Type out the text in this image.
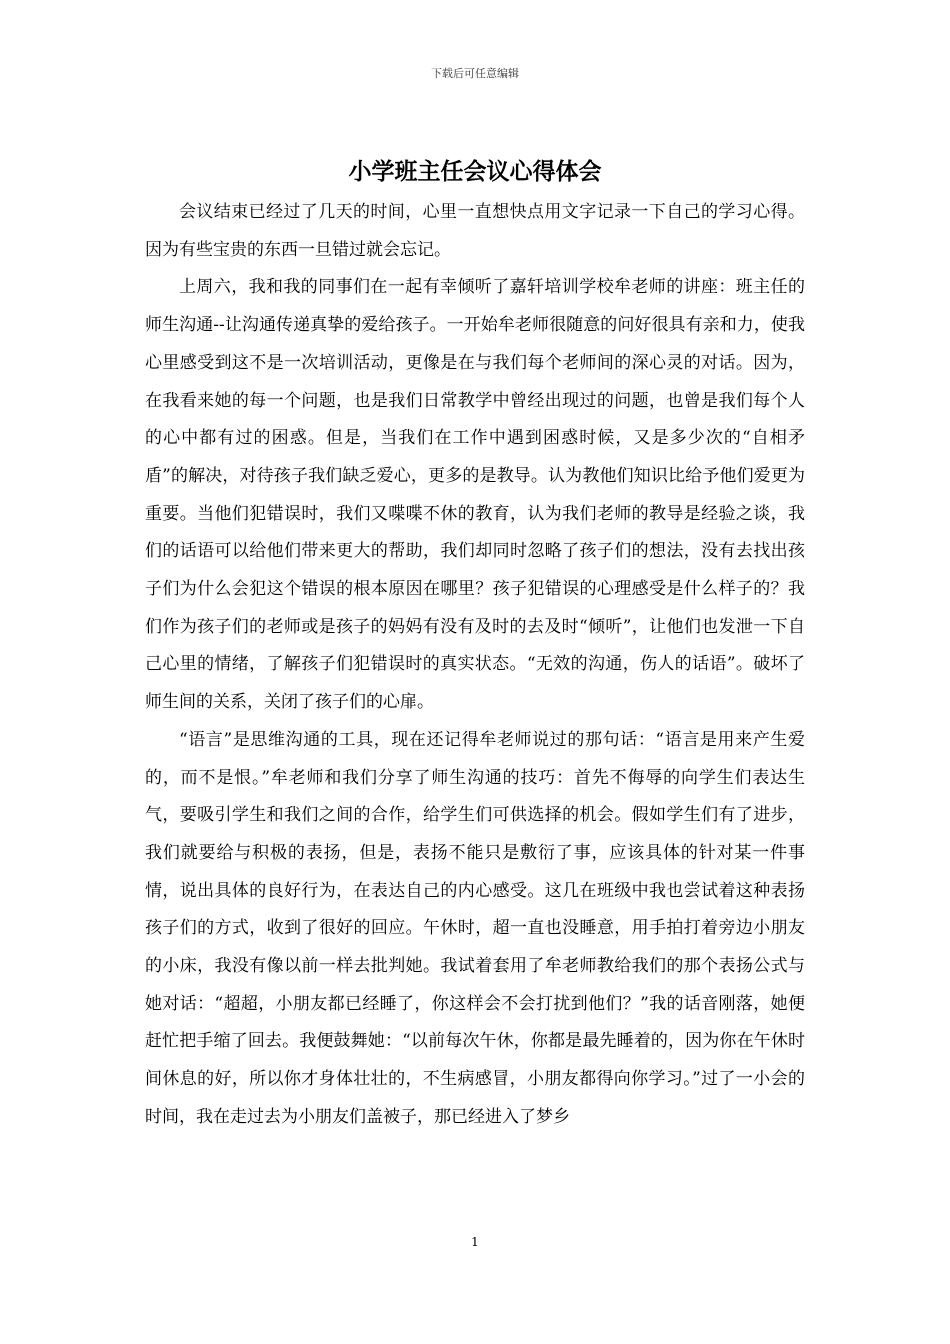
下载后可任意编辑
小学班主任会议心得体会

会议结束已经过了几天的时间，心里一直想快点用文字记录一下自己的学习心得。因为有些宝贵的东西一旦错过就会忘记。

上周六，我和我的同事们在一起有幸倾听了嘉轩培训学校牟老师的讲座：班主任的师生沟通--让沟通传递真挚的爱给孩子。一开始牟老师很随意的问好很具有亲和力，使我心里感受到这不是一次培训活动，更像是在与我们每个老师间的深心灵的对话。因为，在我看来她的每一个问题，也是我们日常教学中曾经出现过的问题，也曾是我们每个人的心中都有过的困惑。但是，当我们在工作中遇到困惑时候，又是多少次的“自相矛盾”的解决，对待孩子我们缺乏爱心，更多的是教导。认为教他们知识比给予他们爱更为重要。当他们犯错误时，我们又喋喋不休的教育，认为我们老师的教导是经验之谈，我们的话语可以给他们带来更大的帮助，我们却同时忽略了孩子们的想法，没有去找出孩子们为什么会犯这个错误的根本原因在哪里？孩子犯错误的心理感受是什么样子的？我们作为孩子们的老师或是孩子的妈妈有没有及时的去及时“倾听”，让他们也发泄一下自己心里的情绪，了解孩子们犯错误时的真实状态。“无效的沟通，伤人的话语”。破坏了师生间的关系，关闭了孩子们的心扉。

“语言”是思维沟通的工具，现在还记得牟老师说过的那句话：“语言是用来产生爱的，而不是恨。”牟老师和我们分享了师生沟通的技巧：首先不侮辱的向学生们表达生气，要吸引学生和我们之间的合作，给学生们可供选择的机会。假如学生们有了进步，我们就要给与积极的表扬，但是，表扬不能只是敷衍了事，应该具体的针对某一件事情，说出具体的良好行为，在表达自己的内心感受。这几在班级中我也尝试着这种表扬孩子们的方式，收到了很好的回应。午休时，超一直也没睡意，用手拍打着旁边小朋友的小床，我没有像以前一样去批判她。我试着套用了牟老师教给我们的那个表扬公式与她对话：“超超，小朋友都已经睡了，你这样会不会打扰到他们？”我的话音刚落，她便赶忙把手缩了回去。我便鼓舞她：“以前每次午休，你都是最先睡着的，因为你在午休时间休息的好，所以你才身体壮壮的，不生病感冒，小朋友都得向你学习。”过了一小会的时间，我在走过去为小朋友们盖被子，那已经进入了梦乡

1
